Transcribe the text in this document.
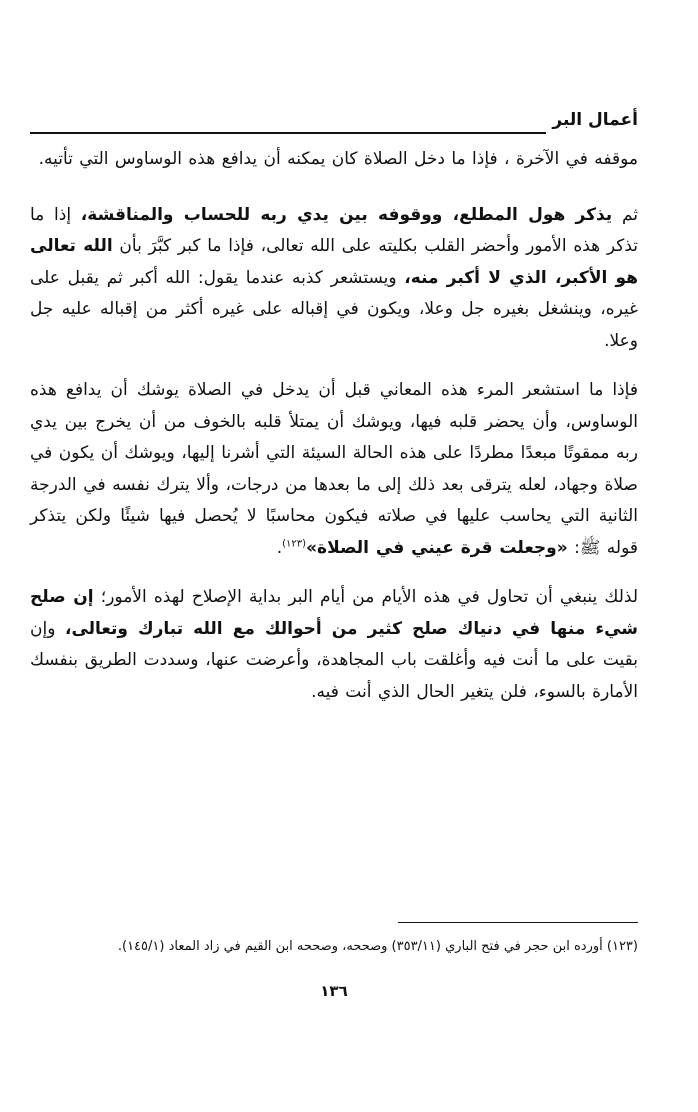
أعمال البر

موقفه في الآخرة ، فإذا ما دخل الصلاة كان يمكنه أن يدافع هذه الوساوس التي تأتيه.

ثم يذكر هول المطلع، ووقوفه بين يدي ربه للحساب والمناقشة، إذا ما تذكر هذه الأمور وأحضر القلب بكليته على الله تعالى، فإذا ما كبر كبَّرَ بأن الله تعالى هو الأكبر، الذي لا أكبر منه، ويستشعر كذبه عندما يقول: الله أكبر ثم يقبل على غيره، وينشغل بغيره جل وعلا، ويكون في إقباله على غيره أكثر من إقباله عليه جل وعلا.

فإذا ما استشعر المرء هذه المعاني قبل أن يدخل في الصلاة يوشك أن يدافع هذه الوساوس، وأن يحضر قلبه فيها، ويوشك أن يمتلأ قلبه بالخوف من أن يخرج بين يدي ربه ممقوتًا مبعدًا مطردًا على هذه الحالة السيئة التي أشرنا إليها، ويوشك أن يكون في صلاة وجهاد، لعله يترقى بعد ذلك إلى ما بعدها من درجات، وألا يترك نفسه في الدرجة الثانية التي يحاسب عليها في صلاته فيكون محاسبًا لا يُحصل فيها شيئًا ولكن يتذكر قوله ﷺ: «وجعلت قرة عيني في الصلاة»$^{(١٢٣)}$.

لذلك ينبغي أن تحاول في هذه الأيام من أيام البر بداية الإصلاح لهذه الأمور؛ إن صلح شيء منها في دنياك صلح كثير من أحوالك مع الله تبارك وتعالى، وإن بقيت على ما أنت فيه وأغلقت باب المجاهدة، وأعرضت عنها، وسددت الطريق بنفسك الأمارة بالسوء، فلن يتغير الحال الذي أنت فيه.

(١٢٣) أورده ابن حجر في فتح الباري (٣٥٣/١١) وصححه، وصححه ابن القيم في زاد المعاد (١٤٥/١).

١٣٦
